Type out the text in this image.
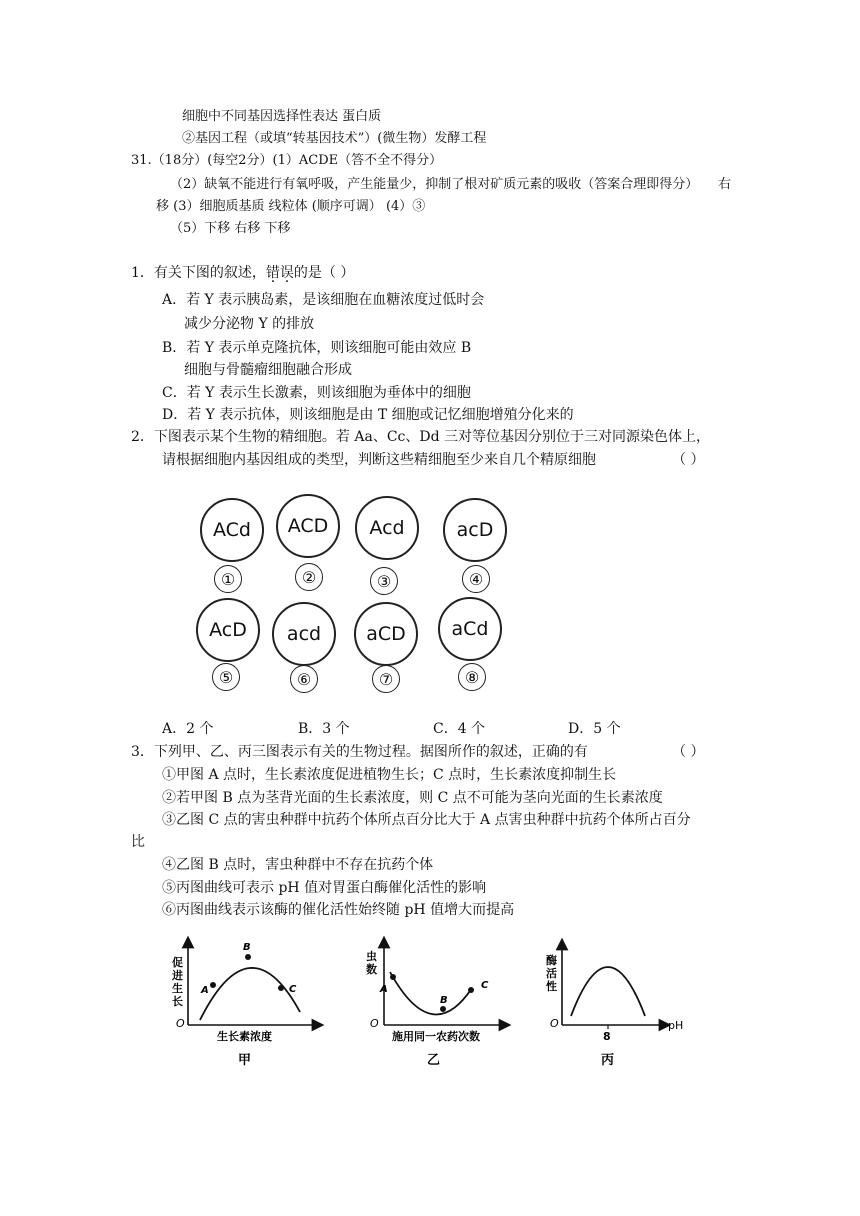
细胞中不同基因选择性表达 蛋白质
②基因工程（或填“转基因技术”）(微生物）发酵工程
31.（18分）(每空2分）(1）ACDE（答不全不得分）
（2）缺氧不能进行有氧呼吸，产生能量少，抑制了根对矿质元素的吸收（答案合理即得分） 右
移 (3）细胞质基质 线粒体 (顺序可调） (4）③
（5）下移 右移 下移
1．有关下图的叙述，错误的是（ ）
A．若 Y 表示胰岛素，是该细胞在血糖浓度过低时会
减少分泌物 Y 的排放
B．若 Y 表示单克隆抗体，则该细胞可能由效应 B
细胞与骨髓瘤细胞融合形成
C．若 Y 表示生长激素，则该细胞为垂体中的细胞
D．若 Y 表示抗体，则该细胞是由 T 细胞或记忆细胞增殖分化来的
2．下图表示某个生物的精细胞。若 Aa、Cc、Dd 三对等位基因分别位于三对同源染色体上，
请根据细胞内基因组成的类型，判断这些精细胞至少来自几个精原细胞	（ ）
ACd	ACD	Acd	acD
①	②	③	④
AcD	acd	aCD	aCd
⑤	⑥	⑦	⑧
A．2 个	B．3 个	C．4 个	D．5 个
3．下列甲、乙、丙三图表示有关的生物过程。据图所作的叙述，正确的有	（ ）
①甲图 A 点时，生长素浓度促进植物生长；C 点时，生长素浓度抑制生长
②若甲图 B 点为茎背光面的生长素浓度，则 C 点不可能为茎向光面的生长素浓度
③乙图 C 点的害虫种群中抗药个体所点百分比大于 A 点害虫种群中抗药个体所占百分
比
④乙图 B 点时，害虫种群中不存在抗药个体
⑤丙图曲线可表示 pH 值对胃蛋白酶催化活性的影响
⑥丙图曲线表示该酶的催化活性始终随 pH 值增大而提高
促
进
生
长
O
A
B
C
生长素浓度
甲
虫
数
O
A
B
C
施用同一农药次数
乙
酶
活
性
O
8
pH
丙
